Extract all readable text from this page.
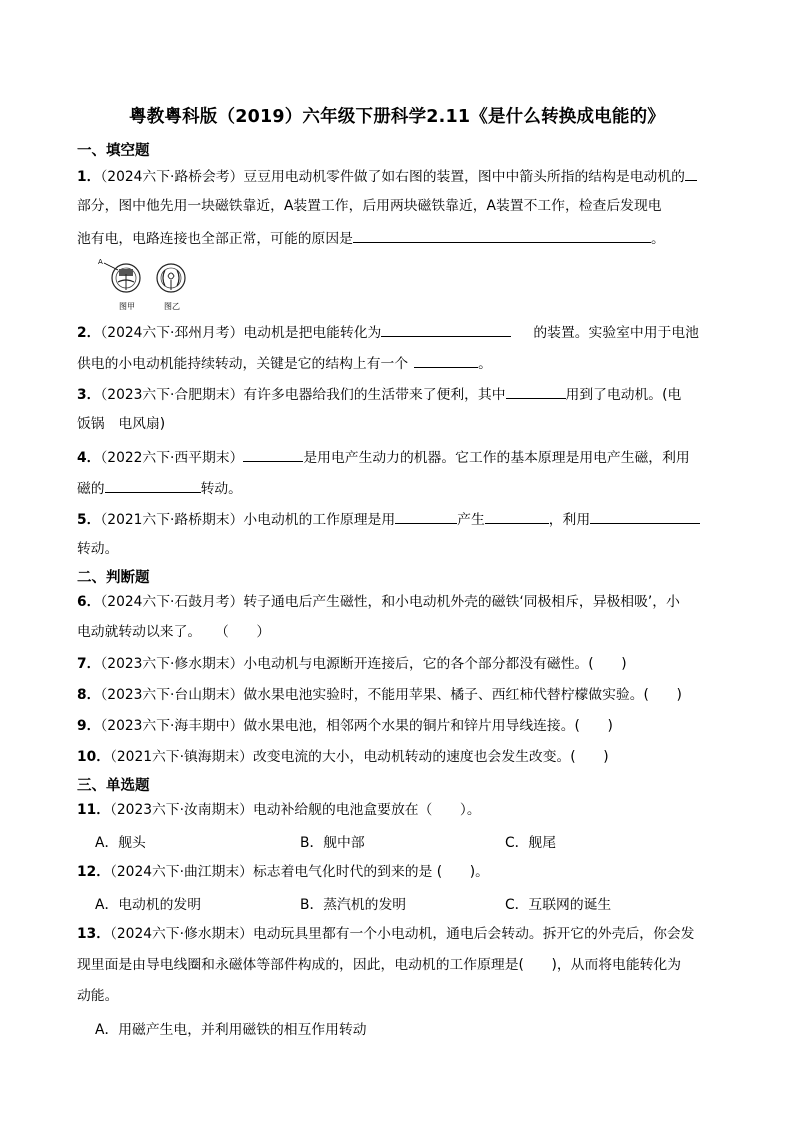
粤教粤科版（2019）六年级下册科学2.11《是什么转换成电能的》
一、填空题
1．（2024六下·路桥会考）豆豆用电动机零件做了如右图的装置，图中中箭头所指的结构是电动机的
部分，图中他先用一块磁铁靠近，A装置工作，后用两块磁铁靠近，A装置不工作，检查后发现电
池有电，电路连接也全部正常，可能的原因是	。
A
图甲	图乙
2．（2024六下·邳州月考）电动机是把电能转化为	的装置。实验室中用于电池
供电的小电动机能持续转动，关键是它的结构上有一个	。
3．（2023六下·合肥期末）有许多电器给我们的生活带来了便利，其中	用到了电动机。(电
饭锅　电风扇)
4．（2022六下·西平期末）	是用电产生动力的机器。它工作的基本原理是用电产生磁，利用
磁的	转动。
5．（2021六下·路桥期末）小电动机的工作原理是用	产生	，利用
转动。
二、判断题
6．（2024六下·石鼓月考）转子通电后产生磁性，和小电动机外壳的磁铁‘同极相斥，异极相吸’，小
电动就转动以来了。　　（　　）
7．（2023六下·修水期末）小电动机与电源断开连接后，它的各个部分都没有磁性。(　　)
8．（2023六下·台山期末）做水果电池实验时，不能用苹果、橘子、西红柿代替柠檬做实验。(　　)
9．（2023六下·海丰期中）做水果电池，相邻两个水果的铜片和锌片用导线连接。(　　)
10．（2021六下·镇海期末）改变电流的大小，电动机转动的速度也会发生改变。(　　)
三、单选题
11．（2023六下·汝南期末）电动补给舰的电池盒要放在（　　）。
A．舰头	B．舰中部	C．舰尾
12．（2024六下·曲江期末）标志着电气化时代的到来的是 (　　)。
A．电动机的发明	B．蒸汽机的发明	C．互联网的诞生
13．（2024六下·修水期末）电动玩具里都有一个小电动机，通电后会转动。拆开它的外壳后，你会发
现里面是由导电线圈和永磁体等部件构成的，因此，电动机的工作原理是(　　)，从而将电能转化为
动能。
A．用磁产生电，并利用磁铁的相互作用转动
